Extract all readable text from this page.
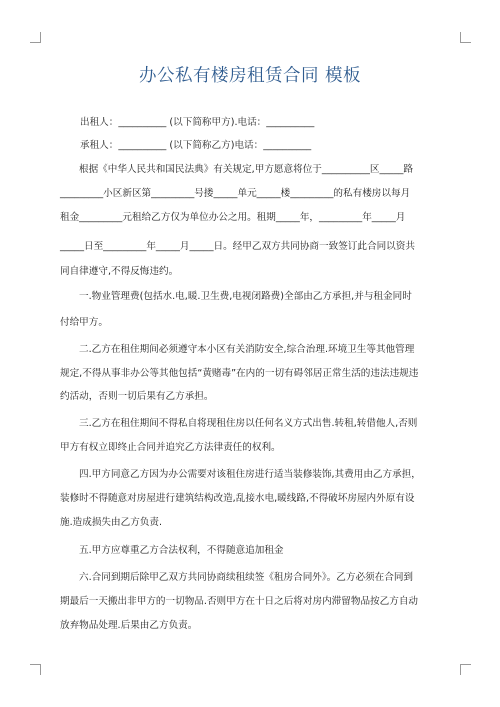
办公私有楼房租赁合同 模板
出租人：__________ (以下简称甲方).电话：__________
承租人：__________ (以下简称乙方)电话：__________
根据《中华人民共和国民法典》有关规定,甲方愿意将位于__________区_____路
_________小区新区第_________号搂_____单元_____楼_________的私有楼房以每月
租金_________元租给乙方仅为单位办公之用。租期_____年，_________年_____月
_____日至_________年_____月_____日。经甲乙双方共同协商一致签订此合同以资共
同自律遵守,不得反悔违约。
一.物业管理费(包括水.电,暖.卫生费,电视闭路费)全部由乙方承担,并与租金同时
付给甲方。
二.乙方在租住期间必须遵守本小区有关消防安全,综合治理.环境卫生等其他管理
规定,不得从事非办公等其他包括“黄赌毒”在内的一切有碍邻居正常生活的违法违规违
约活动，否则一切后果有乙方承担。
三.乙方在租住期间不得私自将现租住房以任何名义方式出售.转租,转借他人,否则
甲方有权立即终止合同并追究乙方法律责任的权利。
四.甲方同意乙方因为办公需要对该租住房进行适当装修装饰,其费用由乙方承担，
装修时不得随意对房屋进行建筑结构改造,乱接水电,暖线路,不得破坏房屋内外原有设
施.造成损失由乙方负责.
五.甲方应尊重乙方合法权利，不得随意追加租金
六.合同到期后除甲乙双方共同协商续租续签《租房合同外》。乙方必须在合同到
期最后一天搬出非甲方的一切物品.否则甲方在十日之后将对房内滞留物品按乙方自动
放弃物品处理.后果由乙方负责。
